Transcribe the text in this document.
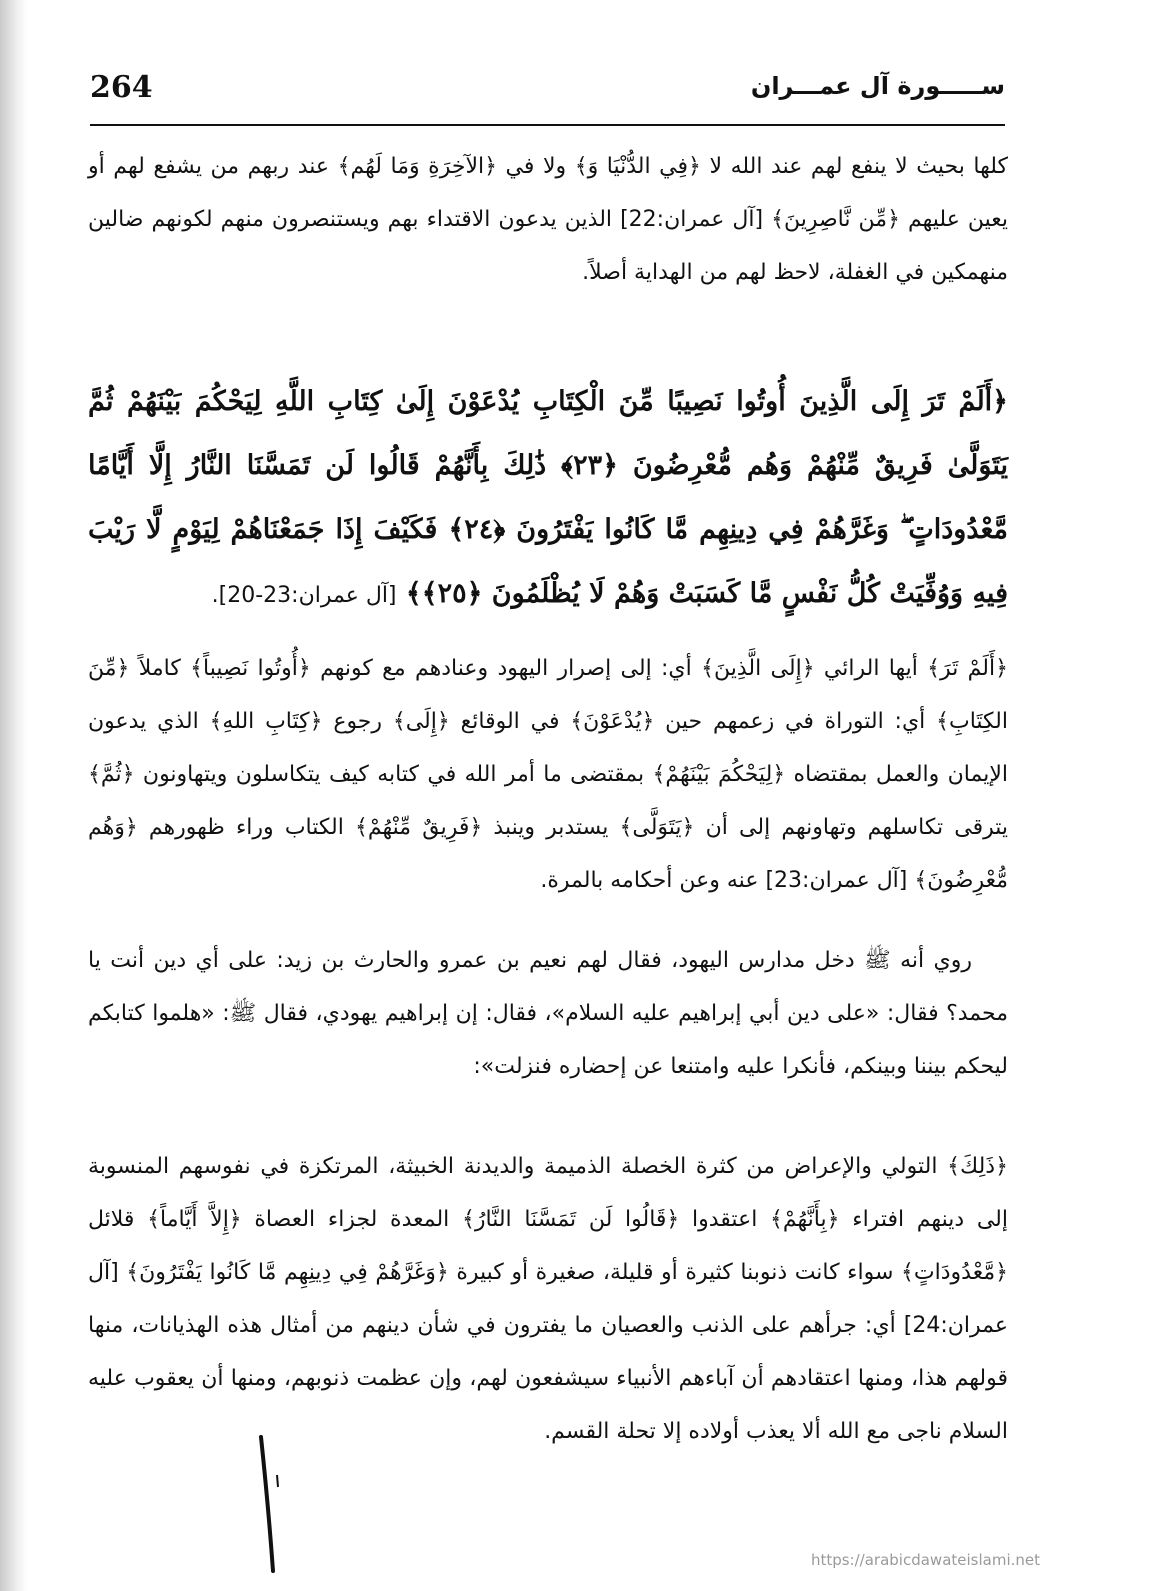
264	ســـــورة آل عمـــران

كلها بحيث لا ينفع لهم عند الله لا ﴿فِي الدُّنْيَا وَ﴾ ولا في ﴿الآخِرَةِ وَمَا لَهُم﴾ عند ربهم من يشفع لهم أو يعين عليهم ﴿مِّن نَّاصِرِينَ﴾ [آل عمران:22] الذين يدعون الاقتداء بهم ويستنصرون منهم لكونهم ضالين منهمكين في الغفلة، لاحظ لهم من الهداية أصلاً.

﴿أَلَمْ تَرَ إِلَى الَّذِينَ أُوتُوا نَصِيبًا مِّنَ الْكِتَابِ يُدْعَوْنَ إِلَىٰ كِتَابِ اللَّهِ لِيَحْكُمَ بَيْنَهُمْ ثُمَّ يَتَوَلَّىٰ فَرِيقٌ مِّنْهُمْ وَهُم مُّعْرِضُونَ ﴿٢٣﴾ ذَٰلِكَ بِأَنَّهُمْ قَالُوا لَن تَمَسَّنَا النَّارُ إِلَّا أَيَّامًا مَّعْدُودَاتٍ ۖ وَغَرَّهُمْ فِي دِينِهِم مَّا كَانُوا يَفْتَرُونَ ﴿٢٤﴾ فَكَيْفَ إِذَا جَمَعْنَاهُمْ لِيَوْمٍ لَّا رَيْبَ فِيهِ وَوُفِّيَتْ كُلُّ نَفْسٍ مَّا كَسَبَتْ وَهُمْ لَا يُظْلَمُونَ ﴿٢٥﴾﴾ [آل عمران:23-20].

﴿أَلَمْ تَرَ﴾ أيها الرائي ﴿إِلَى الَّذِينَ﴾ أي: إلى إصرار اليهود وعنادهم مع كونهم ﴿أُوتُوا نَصِيباً﴾ كاملاً ﴿مِّنَ الكِتَابِ﴾ أي: التوراة في زعمهم حين ﴿يُدْعَوْنَ﴾ في الوقائع ﴿إِلَى﴾ رجوع ﴿كِتَابِ اللهِ﴾ الذي يدعون الإيمان والعمل بمقتضاه ﴿لِيَحْكُمَ بَيْنَهُمْ﴾ بمقتضى ما أمر الله في كتابه كيف يتكاسلون ويتهاونون ﴿ثُمَّ﴾ يترقى تكاسلهم وتهاونهم إلى أن ﴿يَتَوَلَّى﴾ يستدبر وينبذ ﴿فَرِيقٌ مِّنْهُمْ﴾ الكتاب وراء ظهورهم ﴿وَهُم مُّعْرِضُونَ﴾ [آل عمران:23] عنه وعن أحكامه بالمرة.

روي أنه ﷺ دخل مدارس اليهود، فقال لهم نعيم بن عمرو والحارث بن زيد: على أي دين أنت يا محمد؟ فقال: «على دين أبي إبراهيم عليه السلام»، فقال: إن إبراهيم يهودي، فقال ﷺ: «هلموا كتابكم ليحكم بيننا وبينكم، فأنكرا عليه وامتنعا عن إحضاره فنزلت»:

﴿ذَلِكَ﴾ التولي والإعراض من كثرة الخصلة الذميمة والديدنة الخبيثة، المرتكزة في نفوسهم المنسوبة إلى دينهم افتراء ﴿بِأَنَّهُمْ﴾ اعتقدوا ﴿قَالُوا لَن تَمَسَّنَا النَّارُ﴾ المعدة لجزاء العصاة ﴿إِلاَّ أَيَّاماً﴾ قلائل ﴿مَّعْدُودَاتٍ﴾ سواء كانت ذنوبنا كثيرة أو قليلة، صغيرة أو كبيرة ﴿وَغَرَّهُمْ فِي دِينِهِم مَّا كَانُوا يَفْتَرُونَ﴾ [آل عمران:24] أي: جرأهم على الذنب والعصيان ما يفترون في شأن دينهم من أمثال هذه الهذيانات، منها قولهم هذا، ومنها اعتقادهم أن آباءهم الأنبياء سيشفعون لهم، وإن عظمت ذنوبهم، ومنها أن يعقوب عليه السلام ناجى مع الله ألا يعذب أولاده إلا تحلة القسم.

https://arabicdawateislami.net
